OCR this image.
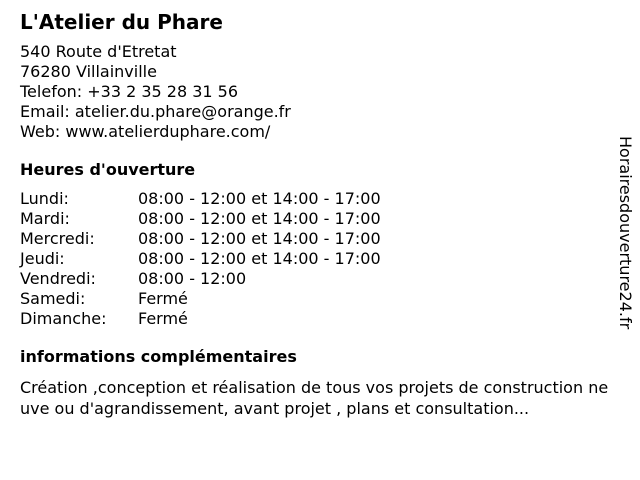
L'Atelier du Phare
540 Route d'Etretat
76280 Villainville
Telefon: +33 2 35 28 31 56
Email: atelier.du.phare@orange.fr
Web: www.atelierduphare.com/
Heures d'ouverture
Lundi:	08:00 - 12:00 et 14:00 - 17:00
Mardi:	08:00 - 12:00 et 14:00 - 17:00
Mercredi:	08:00 - 12:00 et 14:00 - 17:00
Jeudi:	08:00 - 12:00 et 14:00 - 17:00
Vendredi:	08:00 - 12:00
Samedi:	Fermé
Dimanche:	Fermé
informations complémentaires
Création ,conception et réalisation de tous vos projets de construction neuve ou d'agrandissement, avant projet , plans et consultation...
Horairesdouverture24.fr
